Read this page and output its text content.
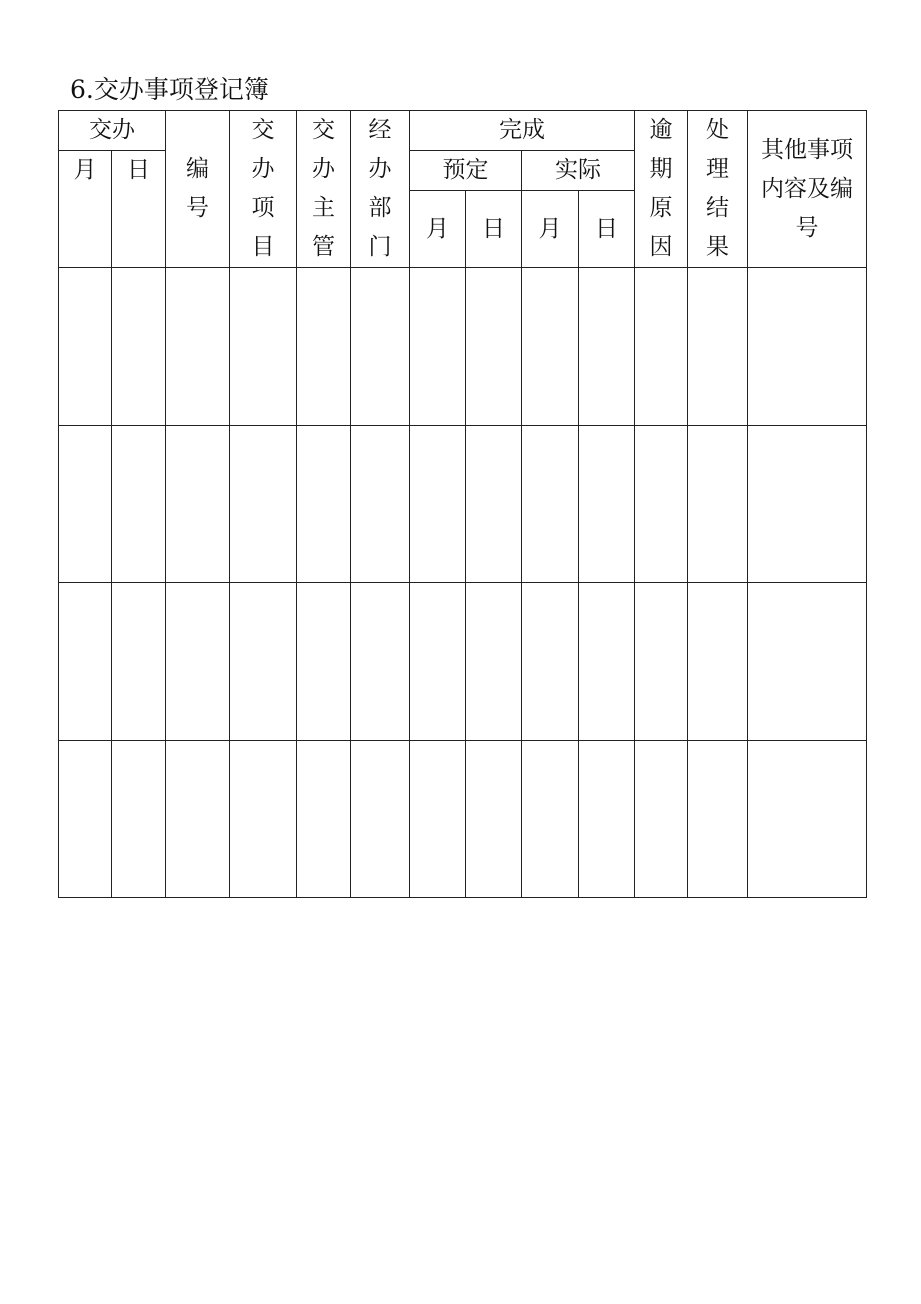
6.交办事项登记簿
交办		编号	交办项目	交办主管	经办部门	完成				逾期原因	处理结果	其他事项内容及编号
月	日					预定		实际				
						月	日	月	日			
